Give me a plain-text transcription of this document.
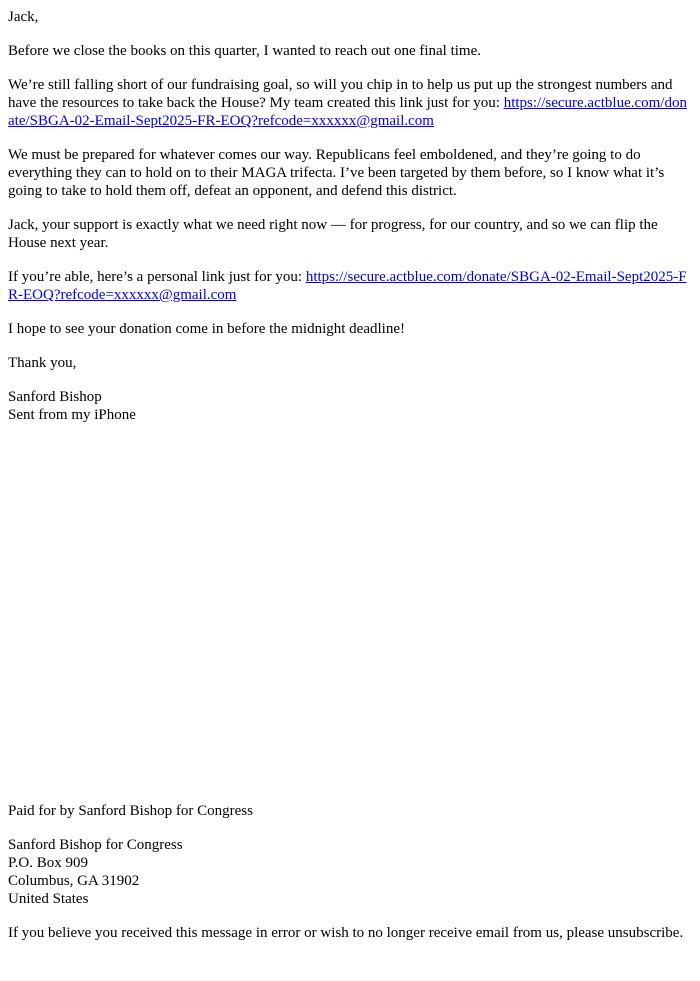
Jack,

Before we close the books on this quarter, I wanted to reach out one final time.

We’re still falling short of our fundraising goal, so will you chip in to help us put up the strongest numbers and have the resources to take back the House? My team created this link just for you: https://secure.actblue.com/donate/SBGA-02-Email-Sept2025-FR-EOQ?refcode=xxxxxx@gmail.com

We must be prepared for whatever comes our way. Republicans feel emboldened, and they’re going to do everything they can to hold on to their MAGA trifecta. I’ve been targeted by them before, so I know what it’s going to take to hold them off, defeat an opponent, and defend this district.

Jack, your support is exactly what we need right now — for progress, for our country, and so we can flip the House next year.

If you’re able, here’s a personal link just for you: https://secure.actblue.com/donate/SBGA-02-Email-Sept2025-FR-EOQ?refcode=xxxxxx@gmail.com

I hope to see your donation come in before the midnight deadline!

Thank you,

Sanford Bishop
Sent from my iPhone

Paid for by Sanford Bishop for Congress

Sanford Bishop for Congress
P.O. Box 909
Columbus, GA 31902
United States

If you believe you received this message in error or wish to no longer receive email from us, please unsubscribe.
